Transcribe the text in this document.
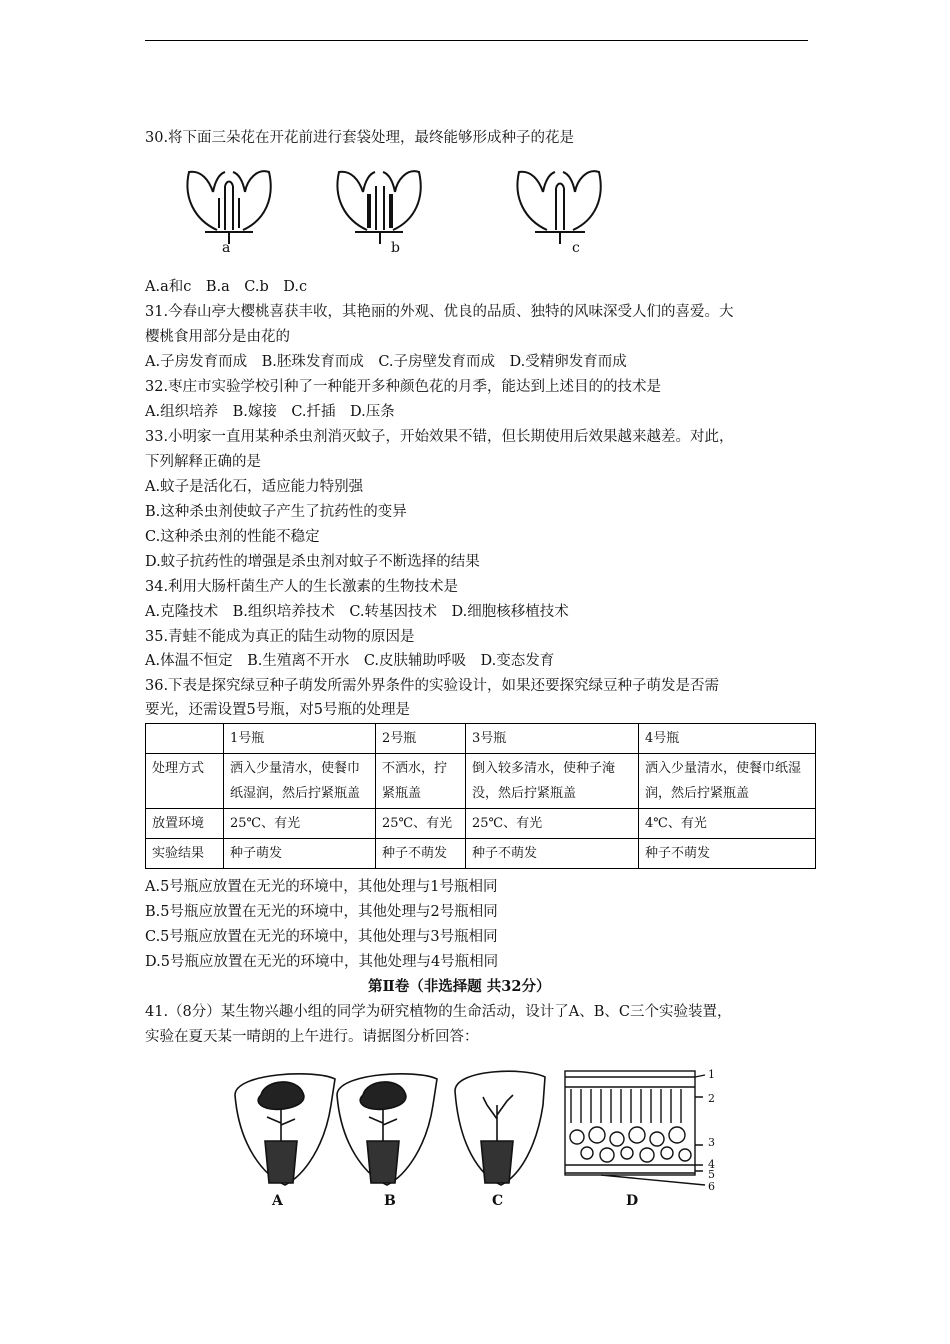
30.将下面三朵花在开花前进行套袋处理，最终能够形成种子的花是
a	b	c
A.a和c　B.a　C.b　D.c
31.今春山亭大樱桃喜获丰收，其艳丽的外观、优良的品质、独特的风味深受人们的喜爱。大
樱桃食用部分是由花的
A.子房发育而成　B.胚珠发育而成　C.子房壁发育而成　D.受精卵发育而成
32.枣庄市实验学校引种了一种能开多种颜色花的月季，能达到上述目的的技术是
A.组织培养　B.嫁接　C.扦插　D.压条
33.小明家一直用某种杀虫剂消灭蚊子，开始效果不错，但长期使用后效果越来越差。对此，
下列解释正确的是
A.蚊子是活化石，适应能力特别强
B.这种杀虫剂使蚊子产生了抗药性的变异
C.这种杀虫剂的性能不稳定
D.蚊子抗药性的增强是杀虫剂对蚊子不断选择的结果
34.利用大肠杆菌生产人的生长激素的生物技术是
A.克隆技术　B.组织培养技术　C.转基因技术　D.细胞核移植技术
35.青蛙不能成为真正的陆生动物的原因是
A.体温不恒定　B.生殖离不开水　C.皮肤辅助呼吸　D.变态发育
36.下表是探究绿豆种子萌发所需外界条件的实验设计，如果还要探究绿豆种子萌发是否需
要光，还需设置5号瓶，对5号瓶的处理是
	1号瓶	2号瓶	3号瓶	4号瓶
处理方式	洒入少量清水，使餐巾纸湿润，然后拧紧瓶盖	不洒水，拧紧瓶盖	倒入较多清水，使种子淹没，然后拧紧瓶盖	洒入少量清水，使餐巾纸湿润，然后拧紧瓶盖
放置环境	25℃、有光	25℃、有光	25℃、有光	4℃、有光
实验结果	种子萌发	种子不萌发	种子不萌发	种子不萌发
A.5号瓶应放置在无光的环境中，其他处理与1号瓶相同
B.5号瓶应放置在无光的环境中，其他处理与2号瓶相同
C.5号瓶应放置在无光的环境中，其他处理与3号瓶相同
D.5号瓶应放置在无光的环境中，其他处理与4号瓶相同
第Ⅱ卷（非选择题 共32分）
41.（8分）某生物兴趣小组的同学为研究植物的生命活动，设计了A、B、C三个实验装置，
实验在夏天某一晴朗的上午进行。请据图分析回答：
A	B	C	D
1
2
3
4
5
6
